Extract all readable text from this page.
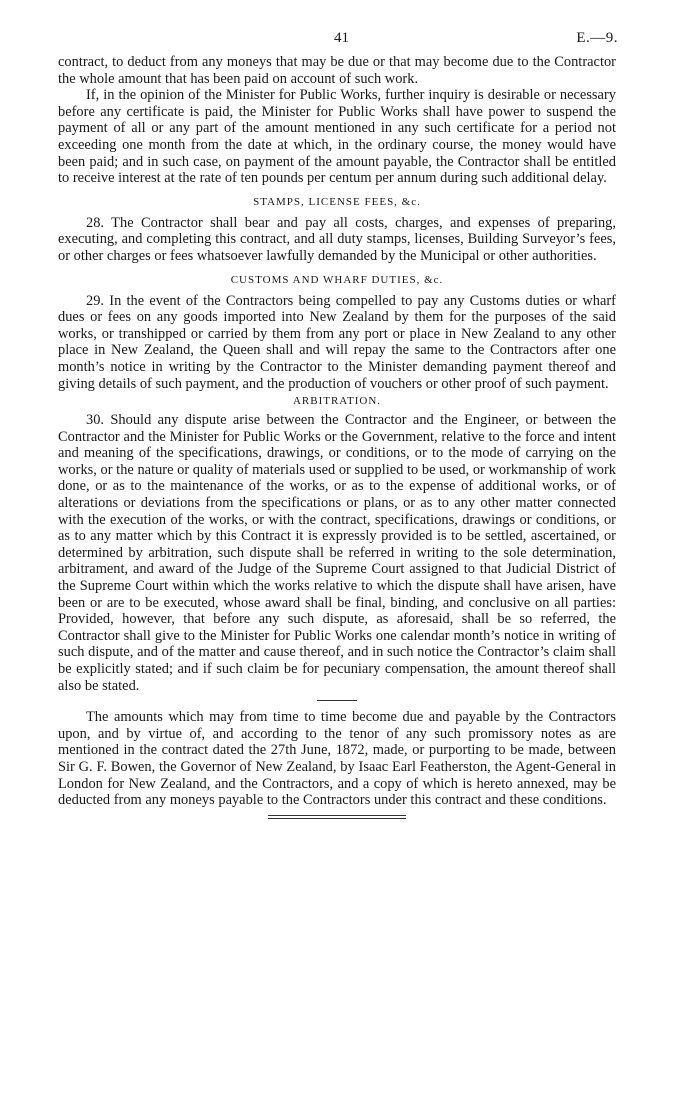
41	E.—9.

contract, to deduct from any moneys that may be due or that may become due to the Contractor the whole amount that has been paid on account of such work.

If, in the opinion of the Minister for Public Works, further inquiry is desirable or necessary before any certificate is paid, the Minister for Public Works shall have power to suspend the payment of all or any part of the amount mentioned in any such certificate for a period not exceeding one month from the date at which, in the ordinary course, the money would have been paid; and in such case, on payment of the amount payable, the Contractor shall be entitled to receive interest at the rate of ten pounds per centum per annum during such additional delay.

STAMPS, LICENSE FEES, &c.

28. The Contractor shall bear and pay all costs, charges, and expenses of preparing, executing, and completing this contract, and all duty stamps, licenses, Building Surveyor’s fees, or other charges or fees whatsoever lawfully demanded by the Municipal or other authorities.

CUSTOMS AND WHARF DUTIES, &c.

29. In the event of the Contractors being compelled to pay any Customs duties or wharf dues or fees on any goods imported into New Zealand by them for the purposes of the said works, or transhipped or carried by them from any port or place in New Zealand to any other place in New Zealand, the Queen shall and will repay the same to the Contractors after one month’s notice in writing by the Contractor to the Minister demanding payment thereof and giving details of such payment, and the production of vouchers or other proof of such payment.

ARBITRATION.

30. Should any dispute arise between the Contractor and the Engineer, or between the Contractor and the Minister for Public Works or the Government, relative to the force and intent and meaning of the specifications, drawings, or conditions, or to the mode of carrying on the works, or the nature or quality of materials used or supplied to be used, or workmanship of work done, or as to the maintenance of the works, or as to the expense of additional works, or of alterations or deviations from the specifications or plans, or as to any other matter connected with the execution of the works, or with the contract, specifications, drawings or conditions, or as to any matter which by this Contract it is expressly provided is to be settled, ascertained, or determined by arbitration, such dispute shall be referred in writing to the sole determination, arbitrament, and award of the Judge of the Supreme Court assigned to that Judicial District of the Supreme Court within which the works relative to which the dispute shall have arisen, have been or are to be executed, whose award shall be final, binding, and conclusive on all parties: Provided, however, that before any such dispute, as aforesaid, shall be so referred, the Contractor shall give to the Minister for Public Works one calendar month’s notice in writing of such dispute, and of the matter and cause thereof, and in such notice the Contractor’s claim shall be explicitly stated; and if such claim be for pecuniary compensation, the amount thereof shall also be stated.

The amounts which may from time to time become due and payable by the Contractors upon, and by virtue of, and according to the tenor of any such promissory notes as are mentioned in the contract dated the 27th June, 1872, made, or purporting to be made, between Sir G. F. Bowen, the Governor of New Zealand, by Isaac Earl Featherston, the Agent-General in London for New Zealand, and the Contractors, and a copy of which is hereto annexed, may be deducted from any moneys payable to the Contractors under this contract and these conditions.
